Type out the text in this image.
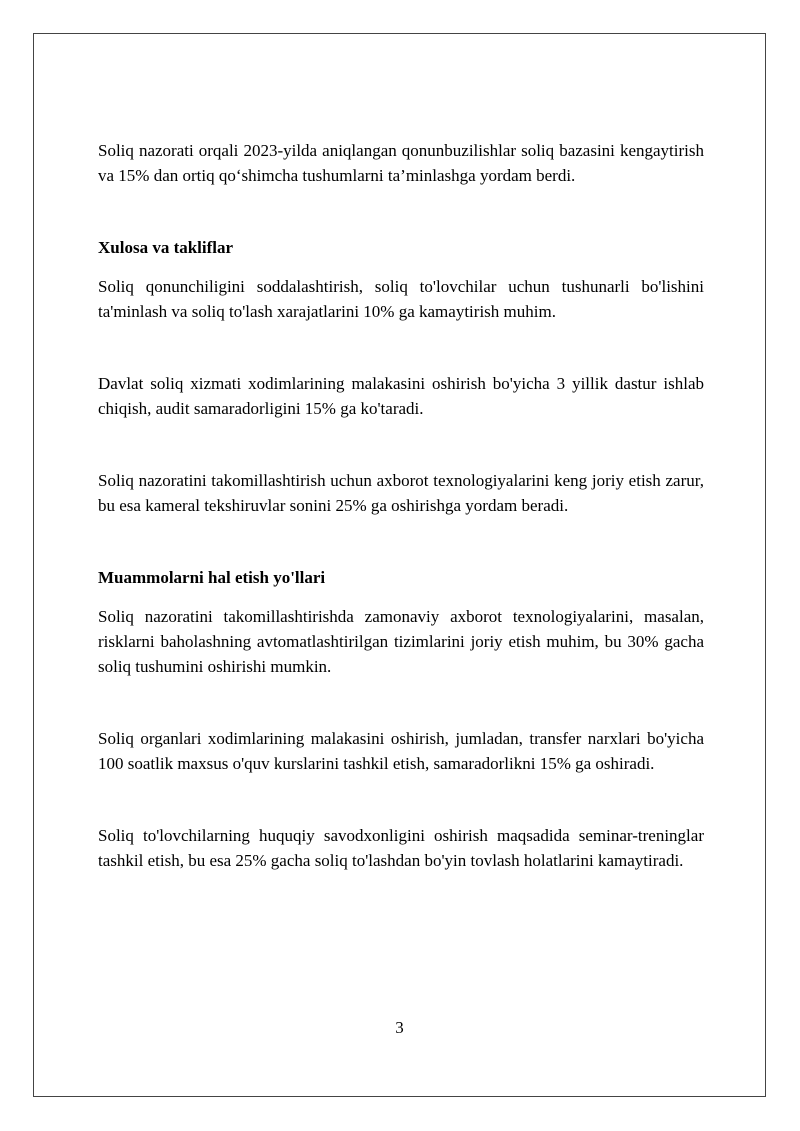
Soliq nazorati orqali 2023-yilda aniqlangan qonunbuzilishlar soliq bazasini kengaytirish va 15% dan ortiq qo‘shimcha tushumlarni ta’minlashga yordam berdi.

Xulosa va takliflar

Soliq qonunchiligini soddalashtirish, soliq to'lovchilar uchun tushunarli bo'lishini ta'minlash va soliq to'lash xarajatlarini 10% ga kamaytirish muhim.

Davlat soliq xizmati xodimlarining malakasini oshirish bo'yicha 3 yillik dastur ishlab chiqish, audit samaradorligini 15% ga ko'taradi.

Soliq nazoratini takomillashtirish uchun axborot texnologiyalarini keng joriy etish zarur, bu esa kameral tekshiruvlar sonini 25% ga oshirishga yordam beradi.

Muammolarni hal etish yo'llari

Soliq nazoratini takomillashtirishda zamonaviy axborot texnologiyalarini, masalan, risklarni baholashning avtomatlashtirilgan tizimlarini joriy etish muhim, bu 30% gacha soliq tushumini oshirishi mumkin.

Soliq organlari xodimlarining malakasini oshirish, jumladan, transfer narxlari bo'yicha 100 soatlik maxsus o'quv kurslarini tashkil etish, samaradorlikni 15% ga oshiradi.

Soliq to'lovchilarning huquqiy savodxonligini oshirish maqsadida seminar-treninglar tashkil etish, bu esa 25% gacha soliq to'lashdan bo'yin tovlash holatlarini kamaytiradi.

3
